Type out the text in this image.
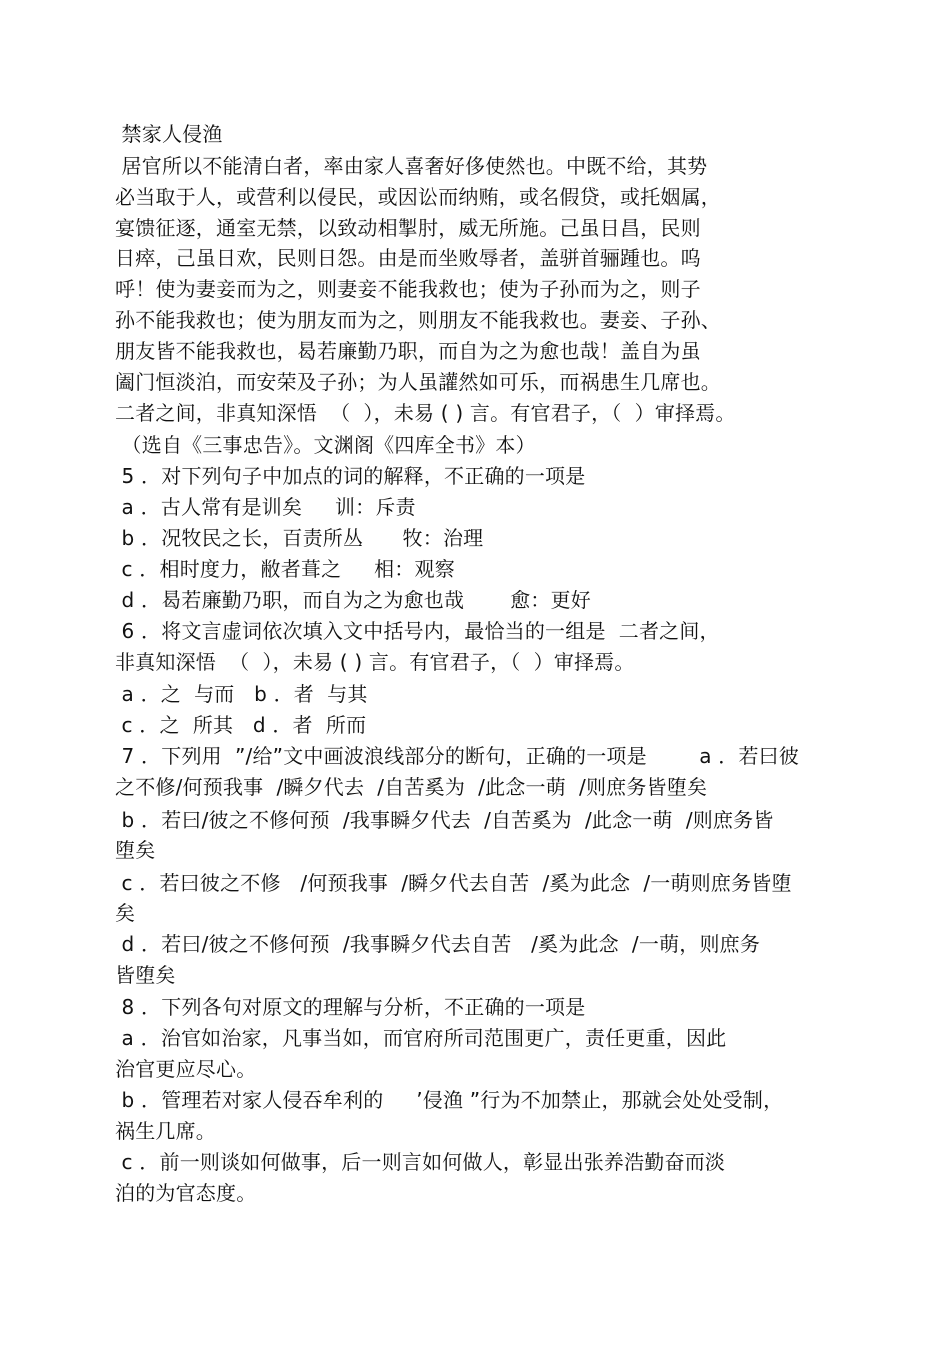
禁家人侵渔
居官所以不能清白者，率由家人喜奢好侈使然也。中既不给，其势
必当取于人，或营利以侵民，或因讼而纳贿，或名假贷，或托姻属，
宴馈征逐，通室无禁，以致动相掣肘，威无所施。己虽日昌，民则
日瘁，己虽日欢，民则日怨。由是而坐败辱者，盖骈首骊踵也。呜
呼！使为妻妾而为之，则妻妾不能我救也；使为子孙而为之，则子
孙不能我救也；使为朋友而为之，则朋友不能我救也。妻妾、子孙、
朋友皆不能我救也，曷若廉勤乃职，而自为之为愈也哉！盖自为虽
阖门恒淡泊，而安荣及子孙；为人虽讙然如可乐，而祸患生几席也。
二者之间，非真知深悟  （  ），未易 ( ) 言。有官君子，（  ）审择焉。
（选自《三事忠告》。文渊阁《四库全书》本）
5 ．对下列句子中加点的词的解释，不正确的一项是
a ．古人常有是训矣     训：斥责
b ．况牧民之长，百责所丛      牧：治理
c ．相时度力，敝者葺之     相：观察
d ．曷若廉勤乃职，而自为之为愈也哉       愈：更好
6 ．将文言虚词依次填入文中括号内，最恰当的一组是  二者之间，
非真知深悟  （  ），未易 ( ) 言。有官君子，（  ）审择焉。
a ．之  与而   b ．者  与其
c ．之  所其   d ．者  所而
7 ．下列用  ”/给”文中画波浪线部分的断句，正确的一项是        a ．若曰彼
之不修/何预我事  /瞬夕代去  /自苦奚为  /此念一萌  /则庶务皆堕矣
b ．若曰/彼之不修何预  /我事瞬夕代去  /自苦奚为  /此念一萌  /则庶务皆
堕矣
c ．若曰彼之不修   /何预我事  /瞬夕代去自苦  /奚为此念  /一萌则庶务皆堕
矣
d ．若曰/彼之不修何预  /我事瞬夕代去自苦   /奚为此念  /一萌，则庶务
皆堕矣
8 ．下列各句对原文的理解与分析，不正确的一项是
a ．治官如治家，凡事当如，而官府所司范围更广，责任更重，因此
治官更应尽心。
b ．管理若对家人侵吞牟利的     ’侵渔 ”行为不加禁止，那就会处处受制，
祸生几席。
c ．前一则谈如何做事，后一则言如何做人，彰显出张养浩勤奋而淡
泊的为官态度。
